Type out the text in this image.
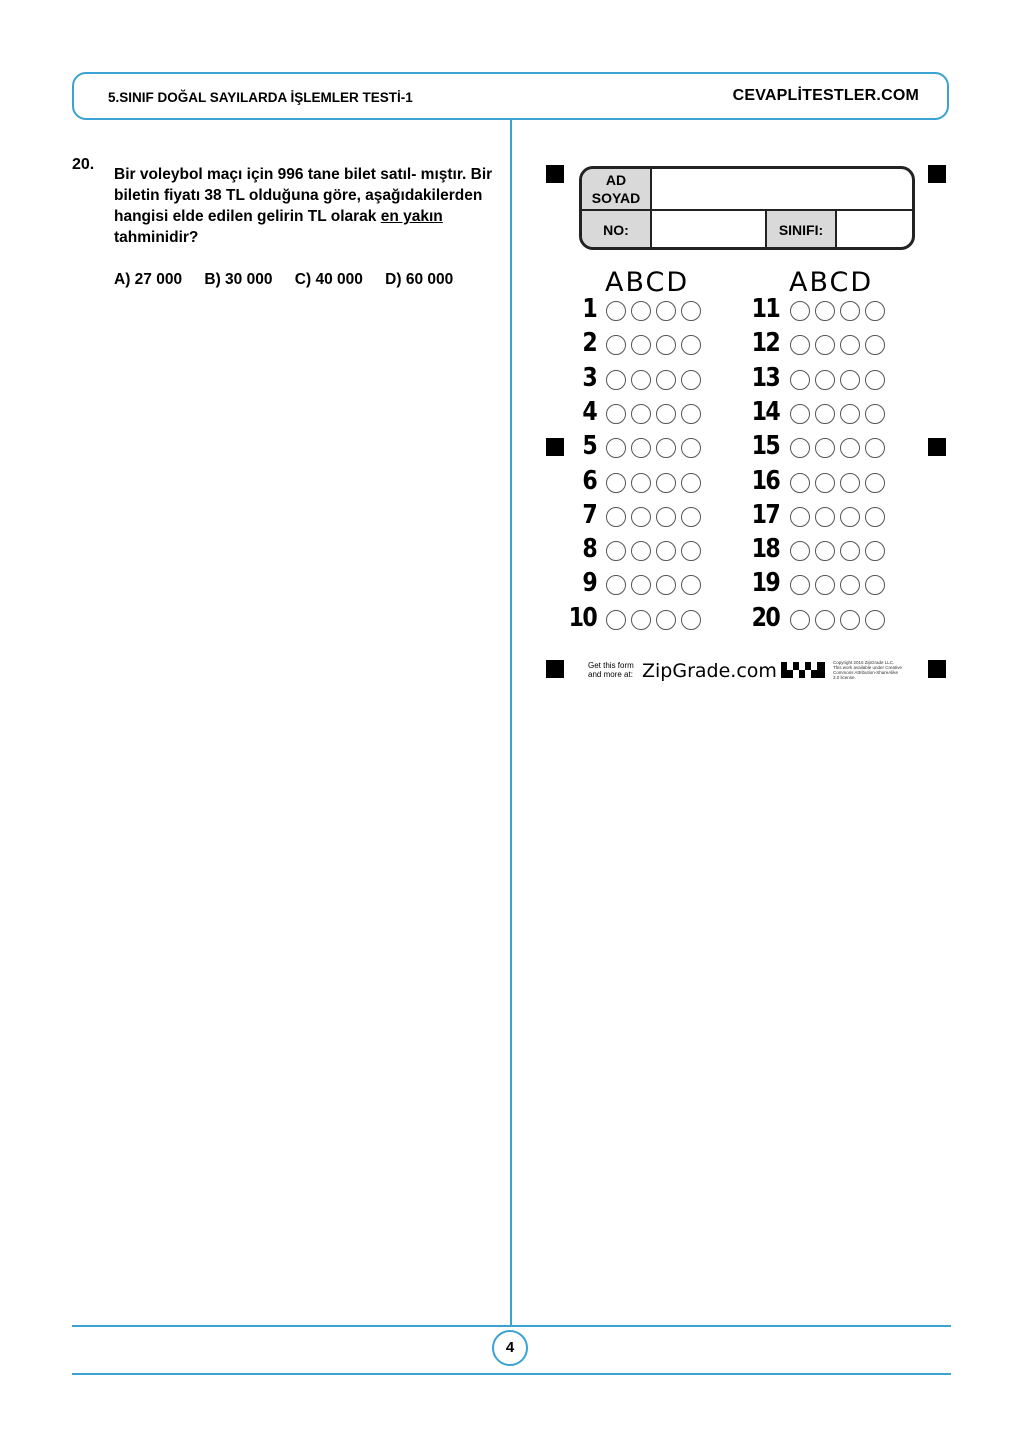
5.SINIF DOĞAL SAYILARDA İŞLEMLER TESTİ-1	CEVAPLİTESTLER.COM
20.

Bir voleybol maçı için 996 tane bilet satıl- mıştır. Bir biletin fiyatı 38 TL olduğuna göre, aşağıdakilerden hangisi elde edilen gelirin TL olarak en yakın tahminidir?

A) 27 000 B) 30 000 C) 40 000 D) 60 000
AD
SOYAD
NO:	SINIFI:
ABCD	ABCD
1
2
3
4
5
6
7
8
9
10
11
12
13
14
15
16
17
18
19
20
Get this form
and more at: ZipGrade.com	Copyright 2015 ZipGrade LLC. This work available under Creative Commons Attribution-ShareAlike 3.0 license.
4
